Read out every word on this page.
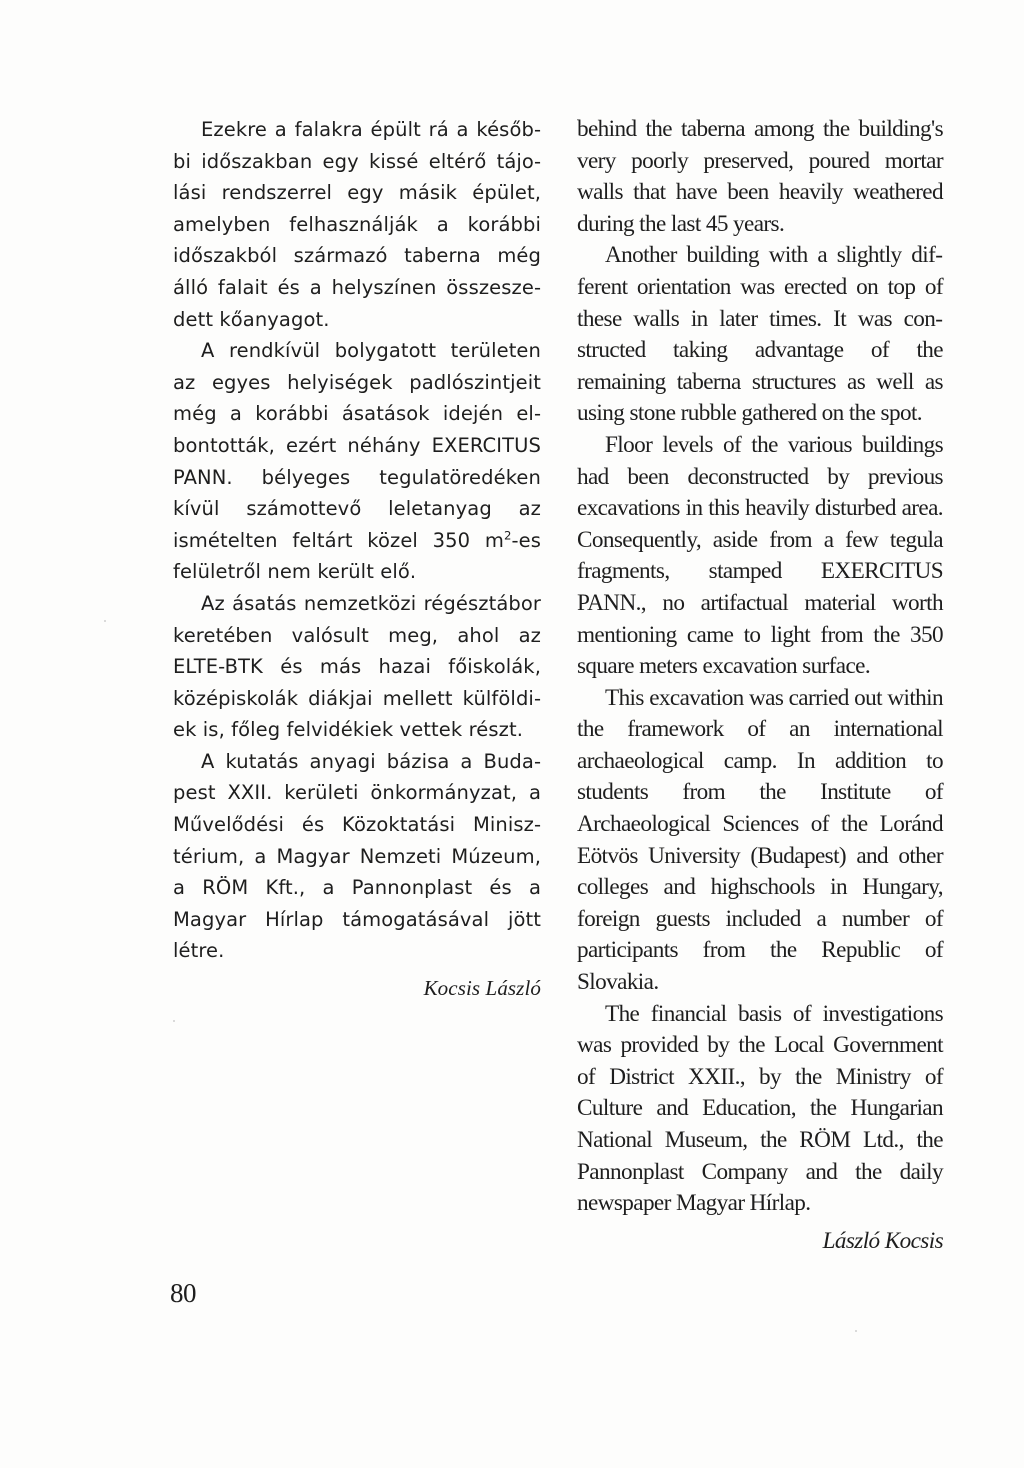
Ezekre a falakra épült rá a későbbi időszakban egy kissé eltérő tájolási rendszerrel egy másik épület, amelyben felhasználják a korábbi időszakból származó taberna még álló falait és a helyszínen összeszedett kőanyagot.

A rendkívül bolygatott területen az egyes helyiségek padlószintjeit még a korábbi ásatások idején elbontották, ezért néhány EXERCITUS PANN. bélyeges tegulatöredéken kívül számottevő leletanyag az ismételten feltárt közel 350 $m^2-es$ felületről nem került elő.

Az ásatás nemzetközi régésztábor keretében valósult meg, ahol az ELTE-BTK és más hazai főiskolák, középiskolák diákjai mellett külföldiek is, főleg felvidékiek vettek részt.

A kutatás anyagi bázisa a Budapest XXII. kerületi önkormányzat, a Művelődési és Közoktatási Minisztérium, a Magyar Nemzeti Múzeum, a RÖM Kft., a Pannonplast és a Magyar Hírlap támogatásával jött létre.

Kocsis László

behind the taberna among the building's very poorly preserved, poured mortar walls that have been heavily weathered during the last 45 years.

Another building with a slightly different orientation was erected on top of these walls in later times. It was constructed taking advantage of the remaining taberna structures as well as using stone rubble gathered on the spot.

Floor levels of the various buildings had been deconstructed by previous excavations in this heavily disturbed area. Consequently, aside from a few tegula fragments, stamped EXERCITUS PANN., no artifactual material worth mentioning came to light from the 350 square meters excavation surface.

This excavation was carried out within the framework of an international archaeological camp. In addition to students from the Institute of Archaeological Sciences of the Loránd Eötvös University (Budapest) and other colleges and highschools in Hungary, foreign guests included a number of participants from the Republic of Slovakia.

The financial basis of investigations was provided by the Local Government of District XXII., by the Ministry of Culture and Education, the Hungarian National Museum, the RÖM Ltd., the Pannonplast Company and the daily newspaper Magyar Hírlap.

László Kocsis
80
